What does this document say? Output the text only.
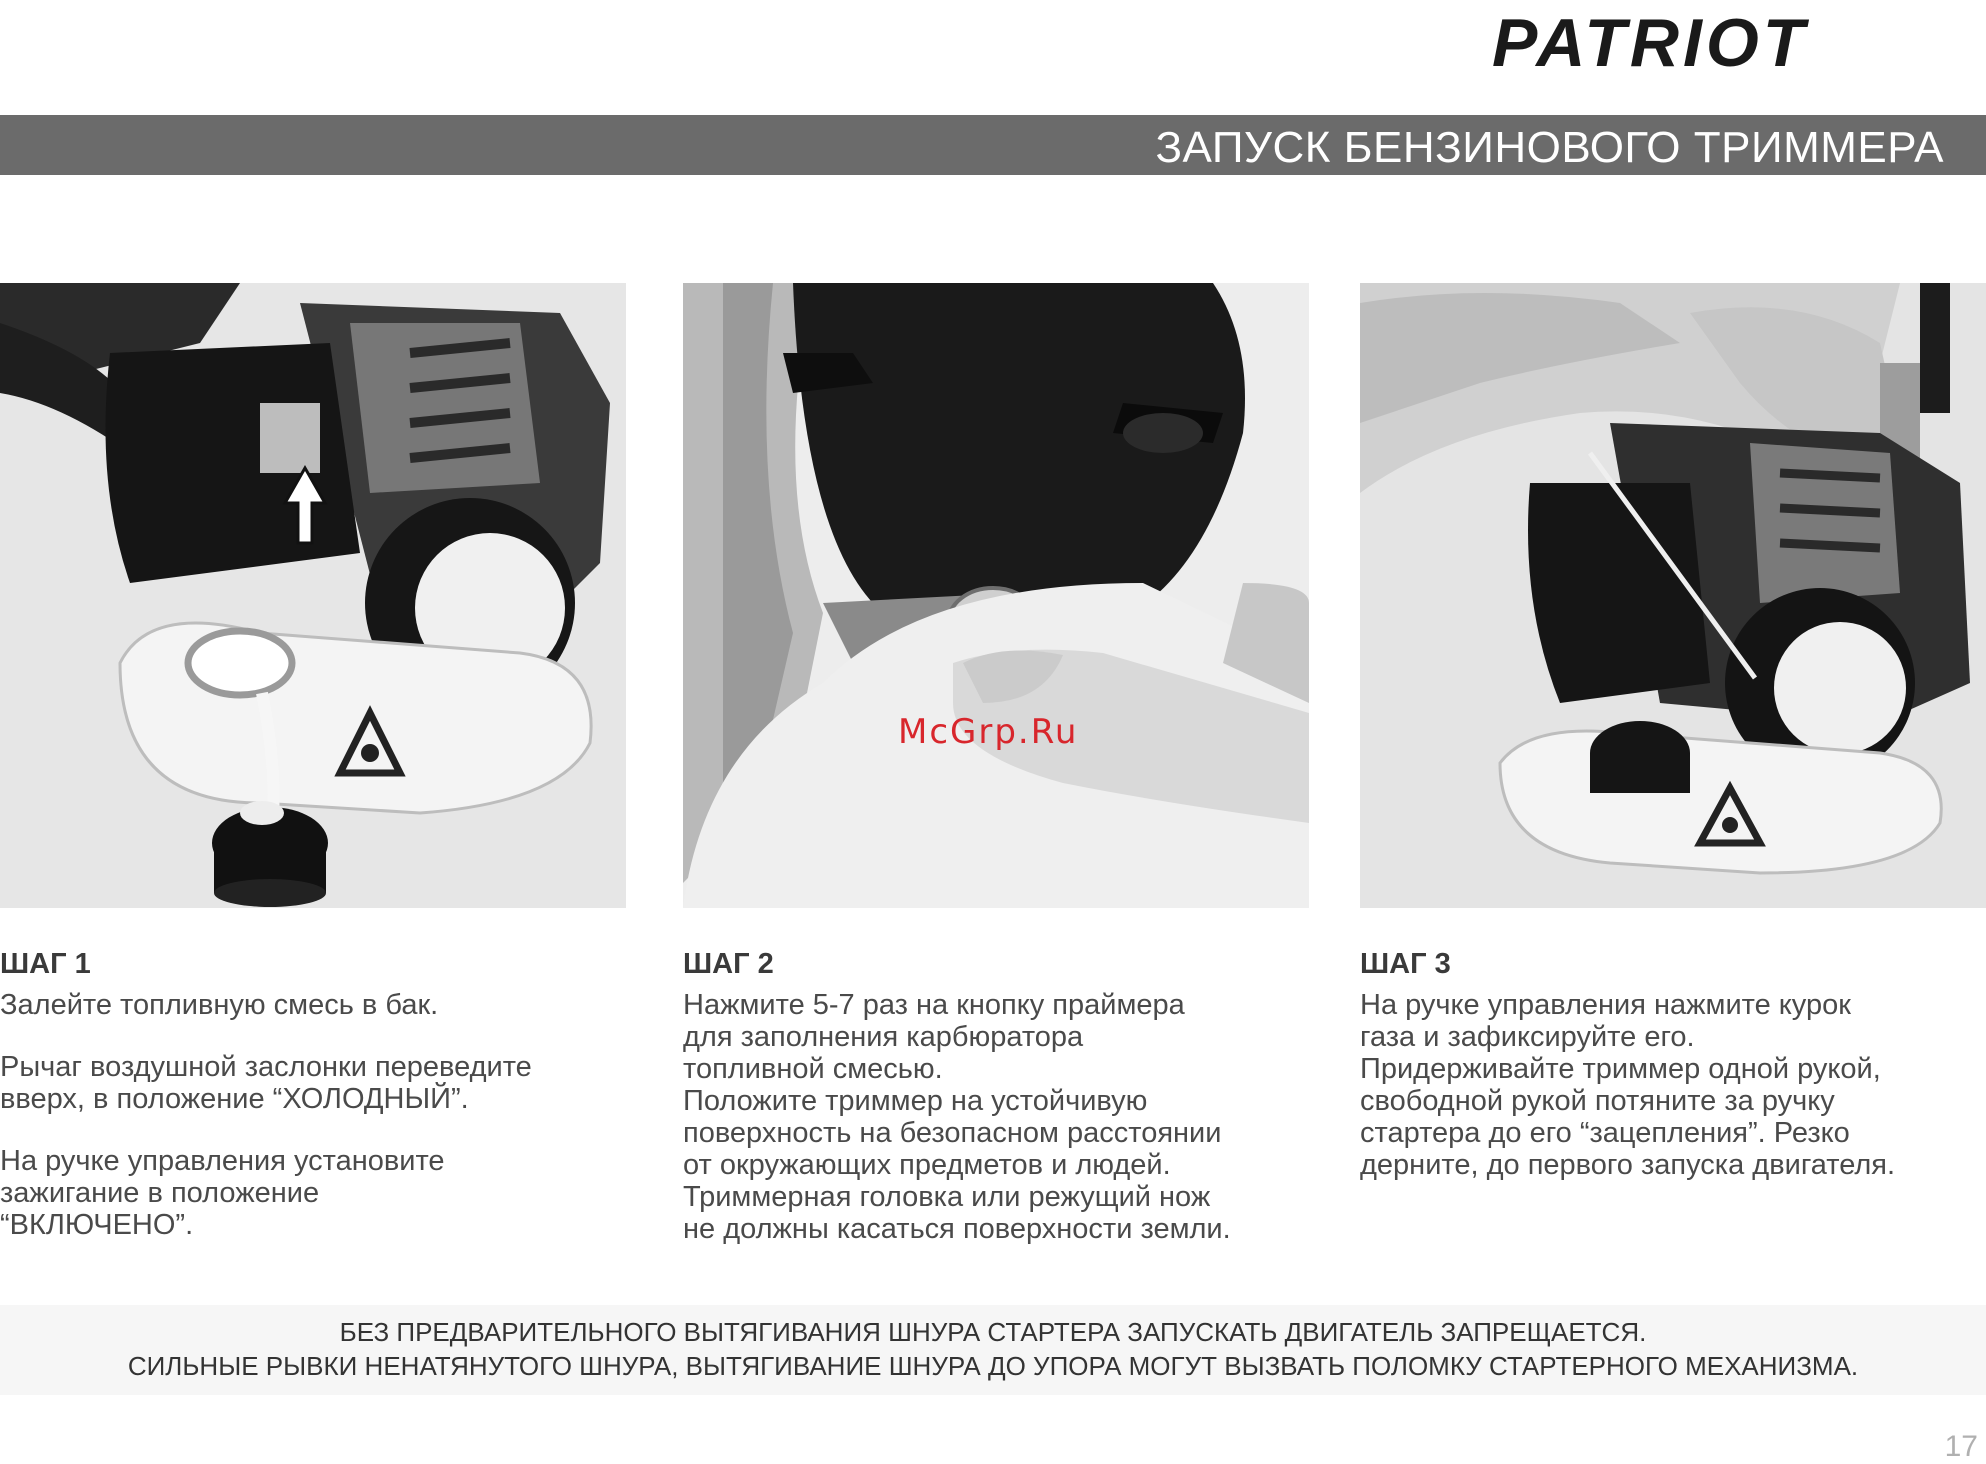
PATRIOT
ЗАПУСК БЕНЗИНОВОГО ТРИММЕРА
McGrp.Ru
ШАГ 1

Залейте топливную смесь в бак.

Рычаг воздушной заслонки переведите
вверх, в положение “ХОЛОДНЫЙ”.

На ручке управления установите
зажигание в положение
“ВКЛЮЧЕНО”.

ШАГ 2

Нажмите 5-7 раз на кнопку праймера
для заполнения карбюратора
топливной смесью.
Положите триммер на устойчивую
поверхность на безопасном расстоянии
от окружающих предметов и людей.
Триммерная головка или режущий нож
не должны касаться поверхности земли.

ШАГ 3

На ручке управления нажмите курок
газа и зафиксируйте его.
Придерживайте триммер одной рукой,
свободной рукой потяните за ручку
стартера до его “зацепления”. Резко
дерните, до первого запуска двигателя.

БЕЗ ПРЕДВАРИТЕЛЬНОГО ВЫТЯГИВАНИЯ ШНУРА СТАРТЕРА ЗАПУСКАТЬ ДВИГАТЕЛЬ ЗАПРЕЩАЕТСЯ.
СИЛЬНЫЕ РЫВКИ НЕНАТЯНУТОГО ШНУРА, ВЫТЯГИВАНИЕ ШНУРА ДО УПОРА МОГУТ ВЫЗВАТЬ ПОЛОМКУ СТАРТЕРНОГО МЕХАНИЗМА.
17
